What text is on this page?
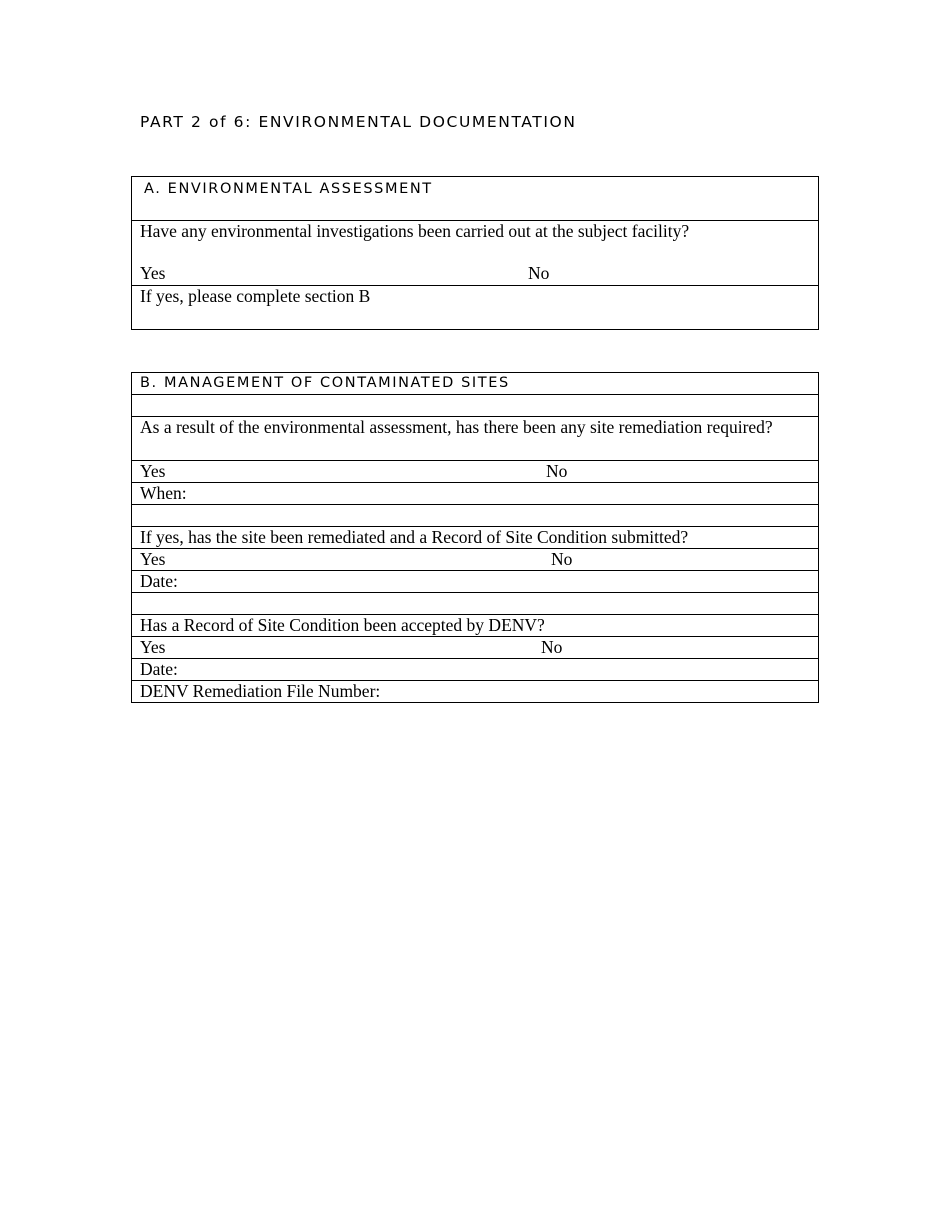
PART 2 of 6: ENVIRONMENTAL DOCUMENTATION
A. ENVIRONMENTAL ASSESSMENT

Have any environmental investigations been carried out at the subject facility?
Yes	No

If yes, please complete section B
B. MANAGEMENT OF CONTAMINATED SITES

As a result of the environmental assessment, has there been any site remediation required?

Yes	No

When:

If yes, has the site been remediated and a Record of Site Condition submitted?

Yes	No

Date:

Has a Record of Site Condition been accepted by DENV?

Yes	No

Date:

DENV Remediation File Number:
